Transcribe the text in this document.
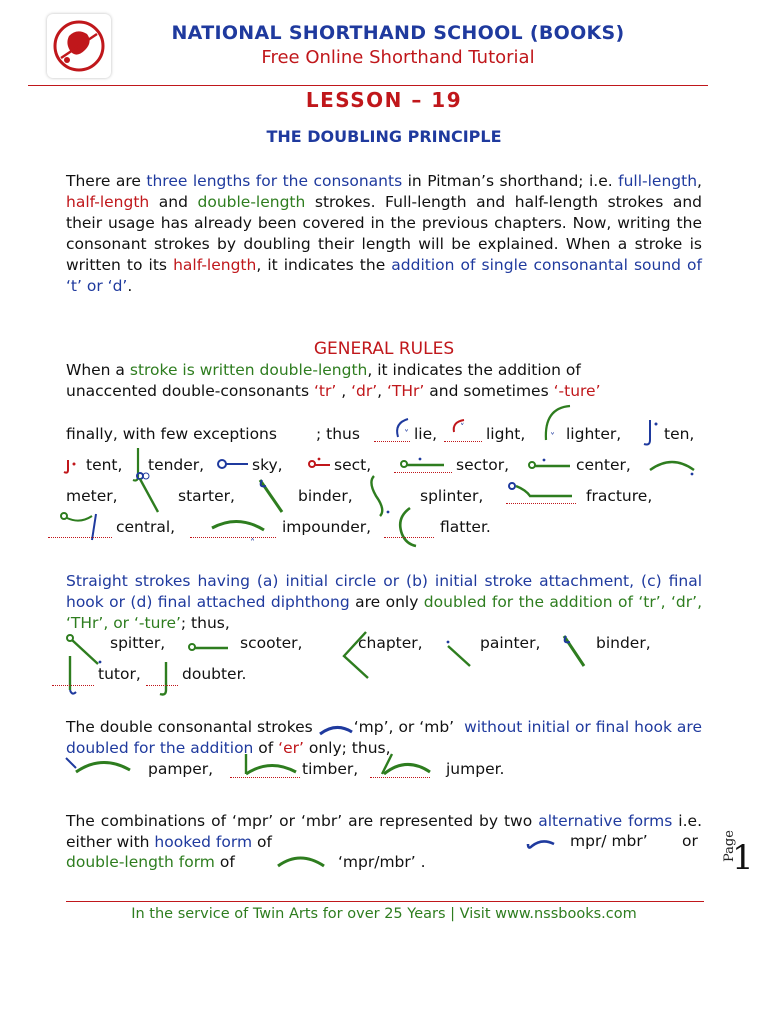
NATIONAL SHORTHAND SCHOOL (BOOKS)
Free Online Shorthand Tutorial
LESSON – 19
THE DOUBLING PRINCIPLE
There are three lengths for the consonants in Pitman’s shorthand; i.e. full-length, half-length and double-length strokes. Full-length and half-length strokes and their usage has already been covered in the previous chapters. Now, writing the consonant strokes by doubling their length will be explained. When a stroke is written to its half-length, it indicates the addition of single consonantal sound of ‘t’ or ‘d’.
GENERAL RULES
When a stroke is written double-length, it indicates the addition of
unaccented double-consonants ‘tr’ , ‘dr’, ‘THr’ and sometimes ‘-ture’
finally, with few exceptions	; thus	˅ lie,	˅ light, ˅ lighter,	ten,
tent, tender,	sky,	sect,	sector,	center,
meter,	starter,	binder,	splinter,	fracture,
central,
˄
impounder,	flatter.
Straight strokes having (a) initial circle or (b) initial stroke attachment, (c) final hook or (d) final attached diphthong are only doubled for the addition of ‘tr’, ‘dr’, ‘THr’, or ‘-ture’; thus,
spitter,	scooter,	chapter,	painter,	binder,
tutor,	doubter.
The double consonantal strokes
‘mp’, or ‘mb’ without initial or final hook are doubled for the addition of ‘er’ only; thus,
pamper,	timber,	jumper.
The combinations of ‘mpr’ or ‘mbr’ are represented by two alternative forms i.e. either with hooked form of	mpr/ mbr’ or
double-length form of	‘mpr/mbr’ .	Page
1
In the service of Twin Arts for over 25 Years | Visit www.nssbooks.com
